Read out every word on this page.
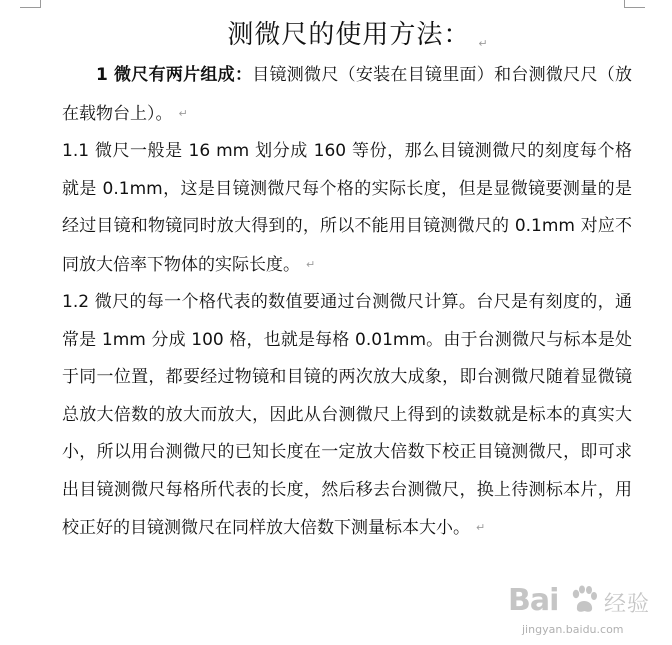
测微尺的使用方法： ↵

1 微尺有两片组成：目镜测微尺（安装在目镜里面）和台测微尺尺（放在载物台上）。 ↵

1.1 微尺一般是 16 mm 划分成 160 等份，那么目镜测微尺的刻度每个格就是 0.1mm，这是目镜测微尺每个格的实际长度，但是显微镜要测量的是经过目镜和物镜同时放大得到的，所以不能用目镜测微尺的 0.1mm 对应不同放大倍率下物体的实际长度。 ↵

1.2 微尺的每一个格代表的数值要通过台测微尺计算。台尺是有刻度的，通常是 1mm 分成 100 格，也就是每格 0.01mm。由于台测微尺与标本是处于同一位置，都要经过物镜和目镜的两次放大成象，即台测微尺随着显微镜总放大倍数的放大而放大，因此从台测微尺上得到的读数就是标本的真实大小，所以用台测微尺的已知长度在一定放大倍数下校正目镜测微尺，即可求出目镜测微尺每格所代表的长度，然后移去台测微尺，换上待测标本片，用校正好的目镜测微尺在同样放大倍数下测量标本大小。 ↵

Bai 经验
jingyan.baidu.com
